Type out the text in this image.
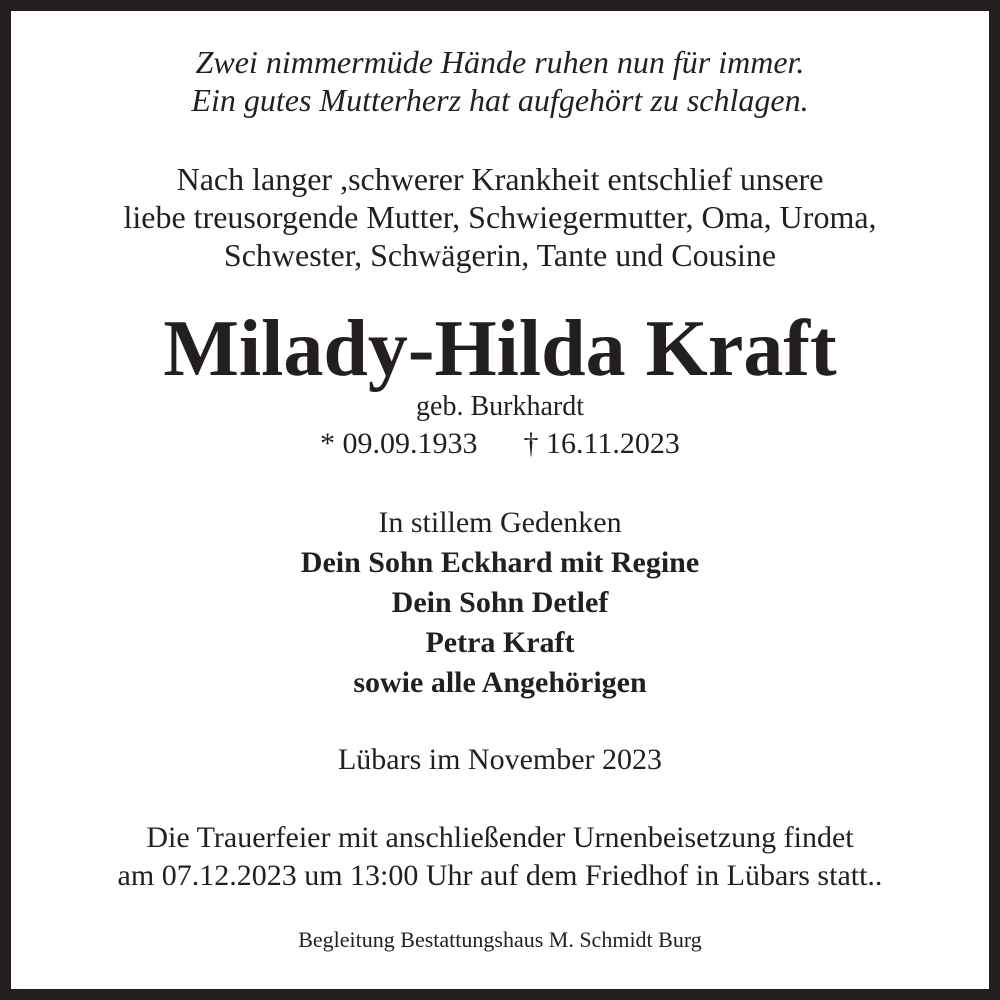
Zwei nimmermüde Hände ruhen nun für immer.
Ein gutes Mutterherz hat aufgehört zu schlagen.
Nach langer ,schwerer Krankheit entschlief unsere
liebe treusorgende Mutter, Schwiegermutter, Oma, Uroma,
Schwester, Schwägerin, Tante und Cousine
Milady-Hilda Kraft
geb. Burkhardt
* 09.09.1933 † 16.11.2023
In stillem Gedenken
Dein Sohn Eckhard mit Regine
Dein Sohn Detlef
Petra Kraft
sowie alle Angehörigen
Lübars im November 2023
Die Trauerfeier mit anschließender Urnenbeisetzung findet
am 07.12.2023 um 13:00 Uhr auf dem Friedhof in Lübars statt..
Begleitung Bestattungshaus M. Schmidt Burg
